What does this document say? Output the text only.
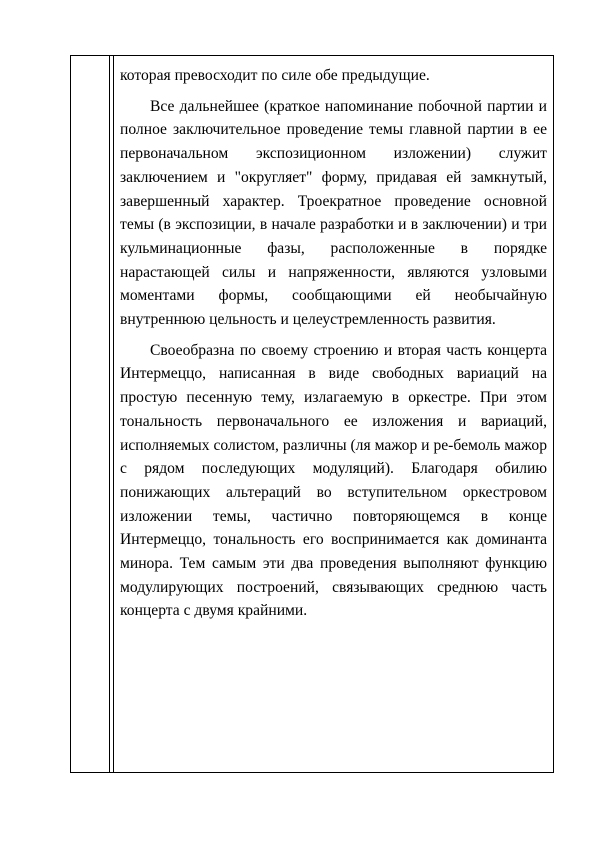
которая превосходит по силе обе предыдущие.

Все дальнейшее (краткое напоминание побочной партии и полное заключительное проведение темы главной партии в ее первоначальном экспозиционном изложении) служит заключением и "округляет" форму, придавая ей замкнутый, завершенный характер. Троекратное проведение основной темы (в экспозиции, в начале разработки и в заключении) и три кульминационные фазы, расположенные в порядке нарастающей силы и напряженности, являются узловыми моментами формы, сообщающими ей необычайную внутреннюю цельность и целеустремленность развития.

Своеобразна по своему строению и вторая часть концерта Интермеццо, написанная в виде свободных вариаций на простую песенную тему, излагаемую в оркестре. При этом тональность первоначального ее изложения и вариаций, исполняемых солистом, различны (ля мажор и ре-бемоль мажор с рядом последующих модуляций). Благодаря обилию понижающих альтераций во вступительном оркестровом изложении темы, частично повторяющемся в конце Интермеццо, тональность его воспринимается как доминанта минора. Тем самым эти два проведения выполняют функцию модулирующих построений, связывающих среднюю часть концерта с двумя крайними.
